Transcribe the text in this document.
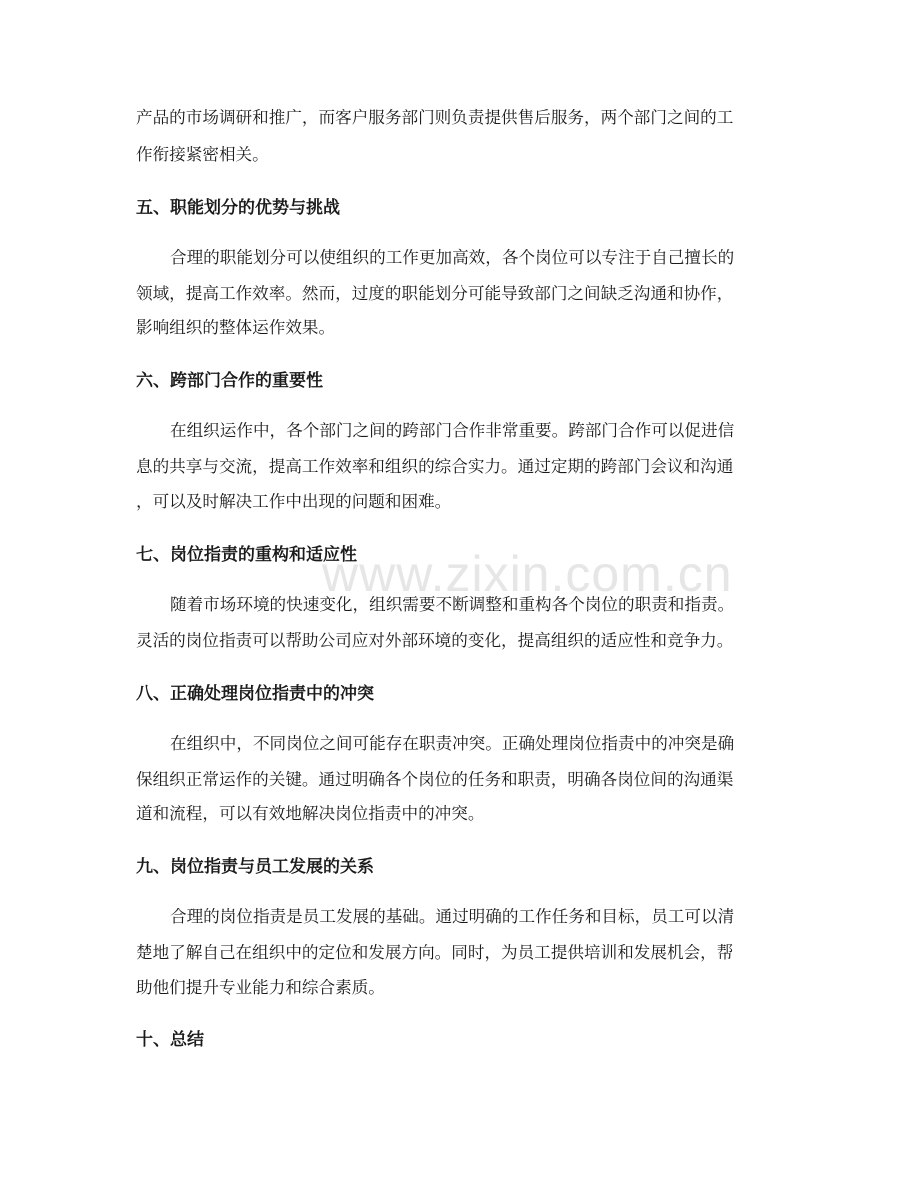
www.zixin.com.cn
产品的市场调研和推广，而客户服务部门则负责提供售后服务，两个部门之间的工
作衔接紧密相关。
五、职能划分的优势与挑战
合理的职能划分可以使组织的工作更加高效，各个岗位可以专注于自己擅长的
领域，提高工作效率。然而，过度的职能划分可能导致部门之间缺乏沟通和协作，
影响组织的整体运作效果。
六、跨部门合作的重要性
在组织运作中，各个部门之间的跨部门合作非常重要。跨部门合作可以促进信
息的共享与交流，提高工作效率和组织的综合实力。通过定期的跨部门会议和沟通
，可以及时解决工作中出现的问题和困难。
七、岗位指责的重构和适应性
随着市场环境的快速变化，组织需要不断调整和重构各个岗位的职责和指责。
灵活的岗位指责可以帮助公司应对外部环境的变化，提高组织的适应性和竞争力。
八、正确处理岗位指责中的冲突
在组织中，不同岗位之间可能存在职责冲突。正确处理岗位指责中的冲突是确
保组织正常运作的关键。通过明确各个岗位的任务和职责，明确各岗位间的沟通渠
道和流程，可以有效地解决岗位指责中的冲突。
九、岗位指责与员工发展的关系
合理的岗位指责是员工发展的基础。通过明确的工作任务和目标，员工可以清
楚地了解自己在组织中的定位和发展方向。同时，为员工提供培训和发展机会，帮
助他们提升专业能力和综合素质。
十、总结
